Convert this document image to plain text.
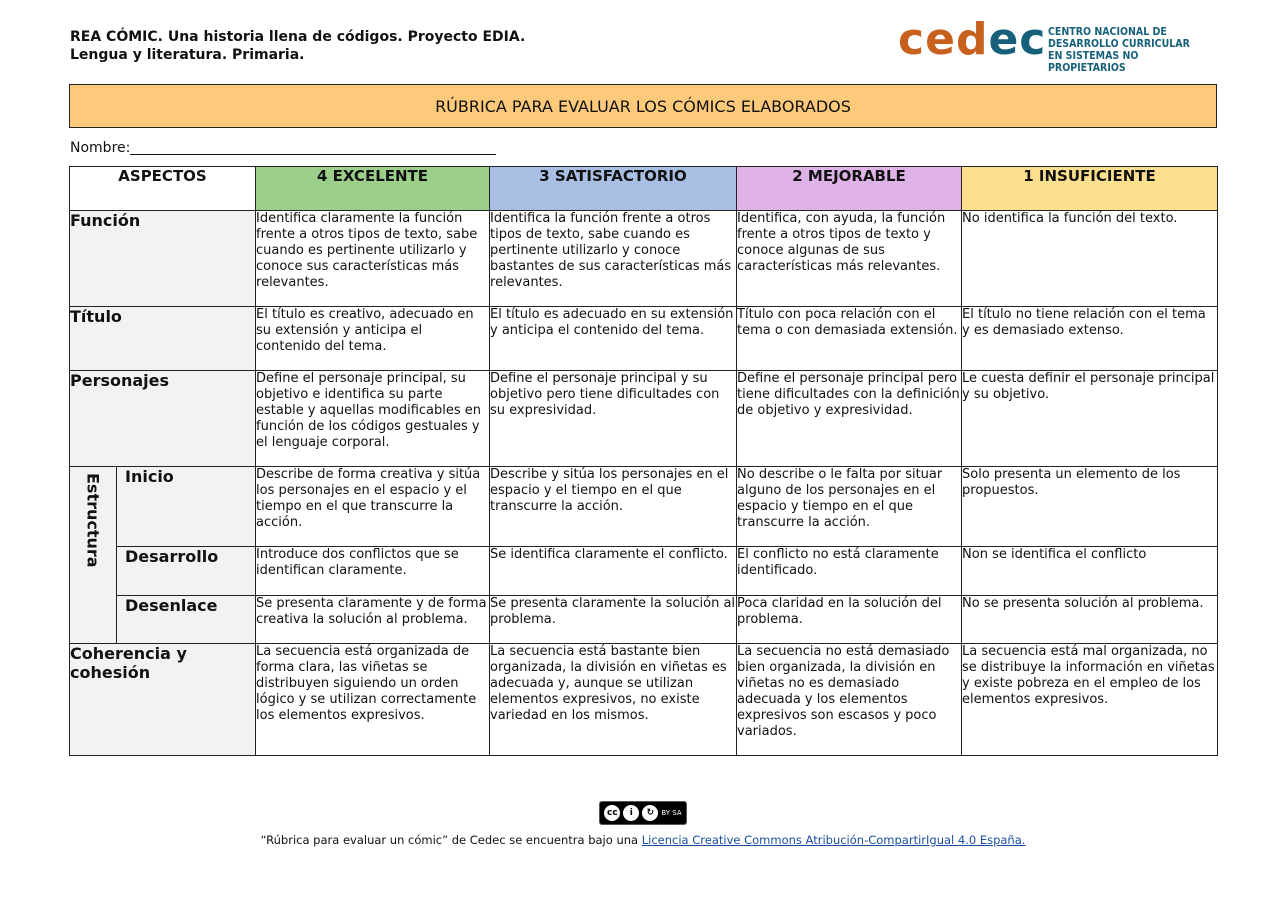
REA CÓMIC. Una historia llena de códigos. Proyecto EDIA.
Lengua y literatura. Primaria.	cedec CENTRO NACIONAL DE
DESARROLLO CURRICULAR
EN SISTEMAS NO PROPIETARIOS
RÚBRICA PARA EVALUAR LOS CÓMICS ELABORADOS
Nombre:
ASPECTOS		4 EXCELENTE	3 SATISFACTORIO	2 MEJORABLE	1 INSUFICIENTE
Función		Identifica claramente la función frente a otros tipos de texto, sabe cuando es pertinente utilizarlo y conoce sus características más relevantes.	Identifica la función frente a otros tipos de texto, sabe cuando es pertinente utilizarlo y conoce bastantes de sus características más relevantes.	Identifica, con ayuda, la función frente a otros tipos de texto y conoce algunas de sus características más relevantes.	No identifica la función del texto.
Título		El título es creativo, adecuado en su extensión y anticipa el contenido del tema.	El título es adecuado en su extensión y anticipa el contenido del tema.	Título con poca relación con el tema o con demasiada extensión.	El título no tiene relación con el tema y es demasiado extenso.
Personajes		Define el personaje principal, su objetivo e identifica su parte estable y aquellas modificables en función de los códigos gestuales y el lenguaje corporal.	Define el personaje principal y su objetivo pero tiene dificultades con su expresividad.	Define el personaje principal pero tiene dificultades con la definición de objetivo y expresividad.	Le cuesta definir el personaje principal y su objetivo.

Estructura	Inicio	Describe de forma creativa y sitúa los personajes en el espacio y el tiempo en el que transcurre la acción.	Describe y sitúa los personajes en el espacio y el tiempo en el que transcurre la acción.	No describe o le falta por situar alguno de los personajes en el espacio y tiempo en el que transcurre la acción.	Solo presenta un elemento de los propuestos.
	Desarrollo	Introduce dos conflictos que se identifican claramente.	Se identifica claramente el conflicto.	El conflicto no está claramente identificado.	Non se identifica el conflicto
	Desenlace	Se presenta claramente y de forma creativa la solución al problema.	Se presenta claramente la solución al problema.	Poca claridad en la solución del problema.	No se presenta solución al problema.
Coherencia y cohesión		La secuencia está organizada de forma clara, las viñetas se distribuyen siguiendo un orden lógico y se utilizan correctamente los elementos expresivos.	La secuencia está bastante bien organizada, la división en viñetas es adecuada y, aunque se utilizan elementos expresivos, no existe variedad en los mismos.	La secuencia no está demasiado bien organizada, la división en viñetas no es demasiado adecuada y los elementos expresivos son escasos y poco variados.	La secuencia está mal organizada, no se distribuye la información en viñetas y existe pobreza en el empleo de los elementos expresivos.
cc	i	↻	BY SA
“Rúbrica para evaluar un cómic” de Cedec se encuentra bajo una Licencia Creative Commons Atribución-CompartirIgual 4.0 España.
